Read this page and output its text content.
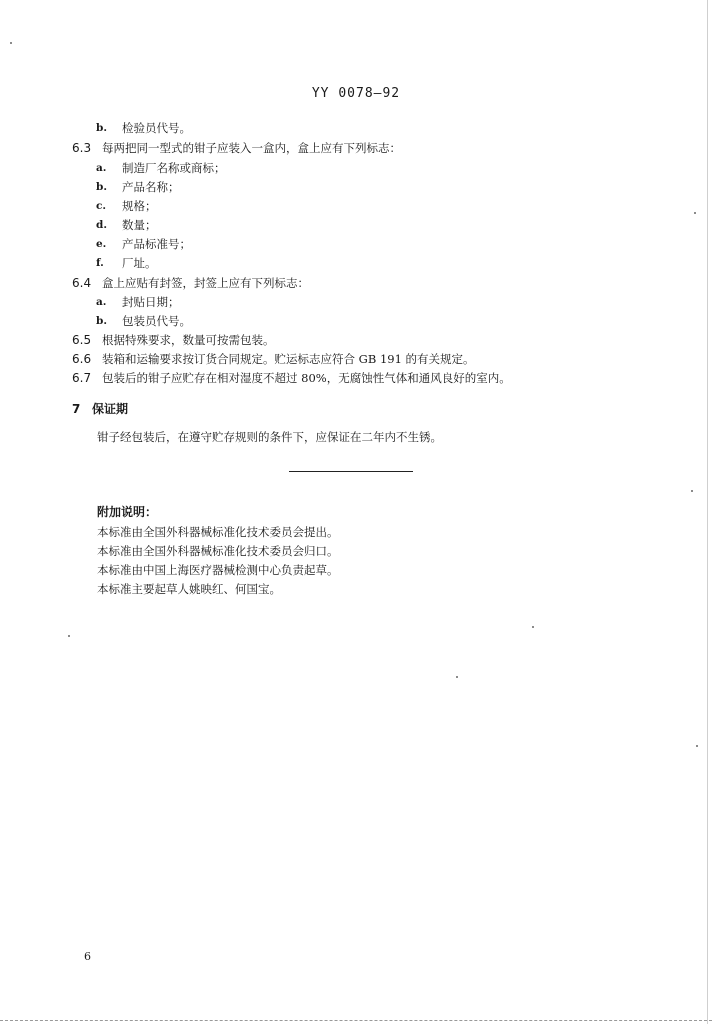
YY 0078—92
b. 检验员代号。
6.3 每两把同一型式的钳子应装入一盒内，盒上应有下列标志：
a. 制造厂名称或商标；
b. 产品名称；
c. 规格；
d. 数量；
e. 产品标准号；
f. 厂址。
6.4 盒上应贴有封签，封签上应有下列标志：
a. 封贴日期；
b. 包装员代号。
6.5 根据特殊要求，数量可按需包装。
6.6 装箱和运输要求按订货合同规定。贮运标志应符合 GB 191 的有关规定。
6.7 包装后的钳子应贮存在相对湿度不超过 80%，无腐蚀性气体和通风良好的室内。
7 保证期
钳子经包装后，在遵守贮存规则的条件下，应保证在二年内不生锈。
附加说明：
本标准由全国外科器械标准化技术委员会提出。
本标准由全国外科器械标准化技术委员会归口。
本标准由中国上海医疗器械检测中心负责起草。
本标准主要起草人姚映红、何国宝。
6
